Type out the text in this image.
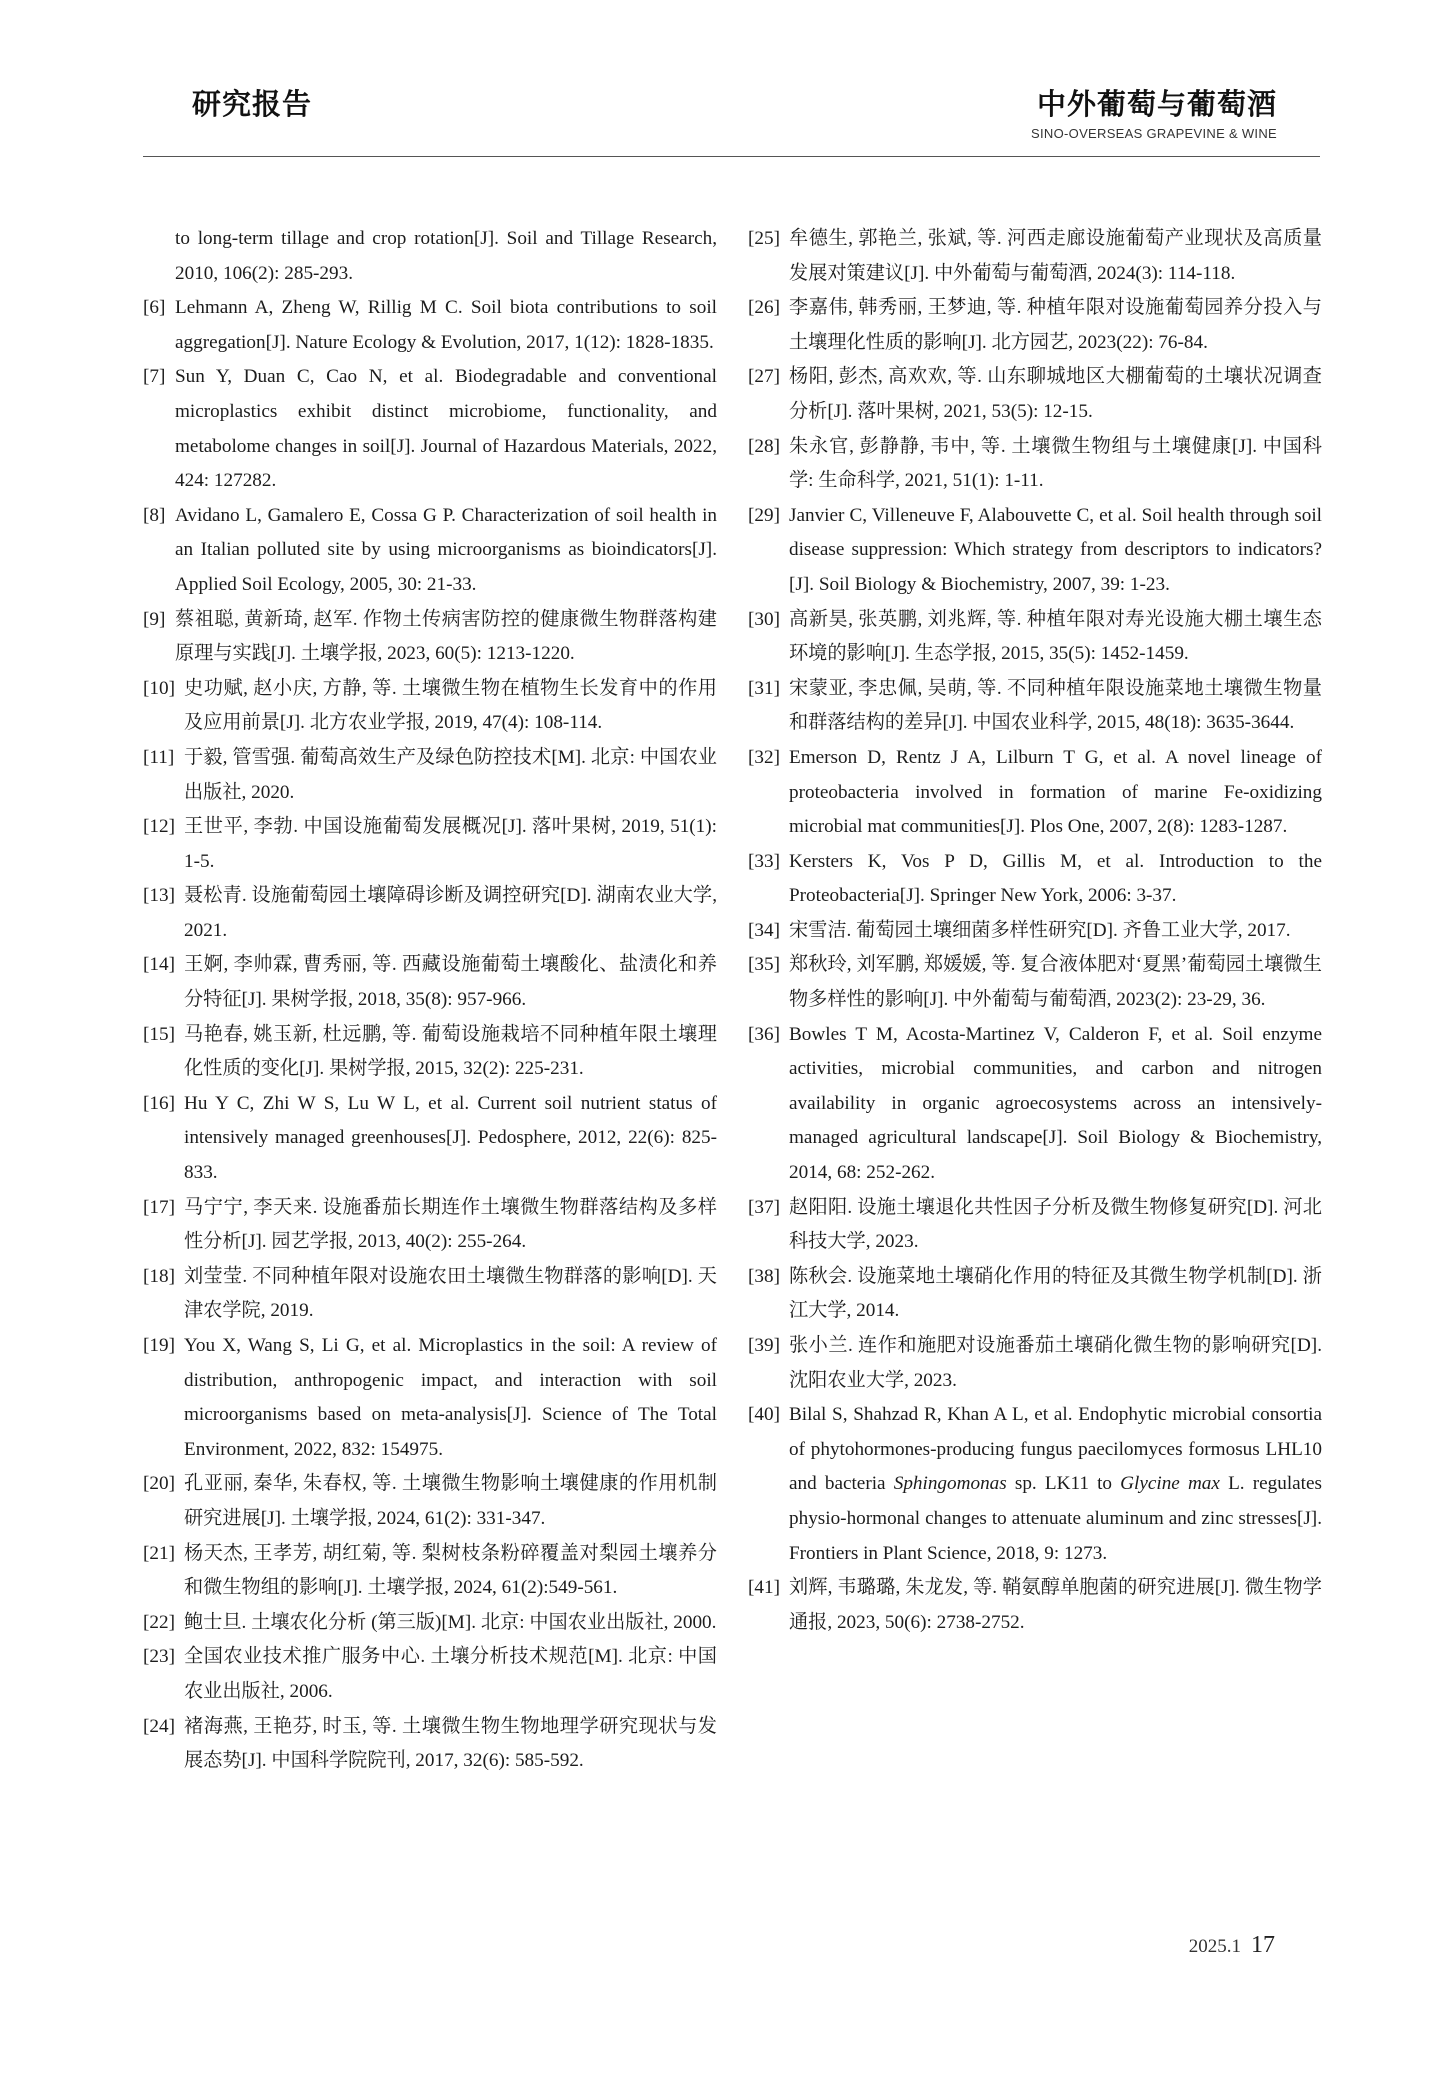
研究报告	中外葡萄与葡萄酒
SINO-OVERSEAS GRAPEVINE & WINE
to long-term tillage and crop rotation[J]. Soil and Tillage Research, 2010, 106(2): 285-293.
[6] Lehmann A, Zheng W, Rillig M C. Soil biota contributions to soil aggregation[J]. Nature Ecology & Evolution, 2017, 1(12): 1828-1835.
[7] Sun Y, Duan C, Cao N, et al. Biodegradable and conventional microplastics exhibit distinct microbiome, functionality, and metabolome changes in soil[J]. Journal of Hazardous Materials, 2022, 424: 127282.
[8] Avidano L, Gamalero E, Cossa G P. Characterization of soil health in an Italian polluted site by using microorganisms as bioindicators[J]. Applied Soil Ecology, 2005, 30: 21-33.
[9] 蔡祖聪, 黄新琦, 赵军. 作物土传病害防控的健康微生物群落构建原理与实践[J]. 土壤学报, 2023, 60(5): 1213-1220.
[10] 史功赋, 赵小庆, 方静, 等. 土壤微生物在植物生长发育中的作用及应用前景[J]. 北方农业学报, 2019, 47(4): 108-114.
[11] 于毅, 管雪强. 葡萄高效生产及绿色防控技术[M]. 北京: 中国农业出版社, 2020.
[12] 王世平, 李勃. 中国设施葡萄发展概况[J]. 落叶果树, 2019, 51(1): 1-5.
[13] 聂松青. 设施葡萄园土壤障碍诊断及调控研究[D]. 湖南农业大学, 2021.
[14] 王婀, 李帅霖, 曹秀丽, 等. 西藏设施葡萄土壤酸化、盐渍化和养分特征[J]. 果树学报, 2018, 35(8): 957-966.
[15] 马艳春, 姚玉新, 杜远鹏, 等. 葡萄设施栽培不同种植年限土壤理化性质的变化[J]. 果树学报, 2015, 32(2): 225-231.
[16] Hu Y C, Zhi W S, Lu W L, et al. Current soil nutrient status of intensively managed greenhouses[J]. Pedosphere, 2012, 22(6): 825-833.
[17] 马宁宁, 李天来. 设施番茄长期连作土壤微生物群落结构及多样性分析[J]. 园艺学报, 2013, 40(2): 255-264.
[18] 刘莹莹. 不同种植年限对设施农田土壤微生物群落的影响[D]. 天津农学院, 2019.
[19] You X, Wang S, Li G, et al. Microplastics in the soil: A review of distribution, anthropogenic impact, and interaction with soil microorganisms based on meta-analysis[J]. Science of The Total Environment, 2022, 832: 154975.
[20] 孔亚丽, 秦华, 朱春权, 等. 土壤微生物影响土壤健康的作用机制研究进展[J]. 土壤学报, 2024, 61(2): 331-347.
[21] 杨天杰, 王孝芳, 胡红菊, 等. 梨树枝条粉碎覆盖对梨园土壤养分和微生物组的影响[J]. 土壤学报, 2024, 61(2):549-561.
[22] 鲍士旦. 土壤农化分析 (第三版)[M]. 北京: 中国农业出版社, 2000.
[23] 全国农业技术推广服务中心. 土壤分析技术规范[M]. 北京: 中国农业出版社, 2006.
[24] 褚海燕, 王艳芬, 时玉, 等. 土壤微生物生物地理学研究现状与发展态势[J]. 中国科学院院刊, 2017, 32(6): 585-592.
[25] 牟德生, 郭艳兰, 张斌, 等. 河西走廊设施葡萄产业现状及高质量发展对策建议[J]. 中外葡萄与葡萄酒, 2024(3): 114-118.
[26] 李嘉伟, 韩秀丽, 王梦迪, 等. 种植年限对设施葡萄园养分投入与土壤理化性质的影响[J]. 北方园艺, 2023(22): 76-84.
[27] 杨阳, 彭杰, 高欢欢, 等. 山东聊城地区大棚葡萄的土壤状况调查分析[J]. 落叶果树, 2021, 53(5): 12-15.
[28] 朱永官, 彭静静, 韦中, 等. 土壤微生物组与土壤健康[J]. 中国科学: 生命科学, 2021, 51(1): 1-11.
[29] Janvier C, Villeneuve F, Alabouvette C, et al. Soil health through soil disease suppression: Which strategy from descriptors to indicators?[J]. Soil Biology & Biochemistry, 2007, 39: 1-23.
[30] 高新昊, 张英鹏, 刘兆辉, 等. 种植年限对寿光设施大棚土壤生态环境的影响[J]. 生态学报, 2015, 35(5): 1452-1459.
[31] 宋蒙亚, 李忠佩, 吴萌, 等. 不同种植年限设施菜地土壤微生物量和群落结构的差异[J]. 中国农业科学, 2015, 48(18): 3635-3644.
[32] Emerson D, Rentz J A, Lilburn T G, et al. A novel lineage of proteobacteria involved in formation of marine Fe-oxidizing microbial mat communities[J]. Plos One, 2007, 2(8): 1283-1287.
[33] Kersters K, Vos P D, Gillis M, et al. Introduction to the Proteobacteria[J]. Springer New York, 2006: 3-37.
[34] 宋雪洁. 葡萄园土壤细菌多样性研究[D]. 齐鲁工业大学, 2017.
[35] 郑秋玲, 刘军鹏, 郑媛媛, 等. 复合液体肥对‘夏黑’葡萄园土壤微生物多样性的影响[J]. 中外葡萄与葡萄酒, 2023(2): 23-29, 36.
[36] Bowles T M, Acosta-Martinez V, Calderon F, et al. Soil enzyme activities, microbial communities, and carbon and nitrogen availability in organic agroecosystems across an intensively-managed agricultural landscape[J]. Soil Biology & Biochemistry, 2014, 68: 252-262.
[37] 赵阳阳. 设施土壤退化共性因子分析及微生物修复研究[D]. 河北科技大学, 2023.
[38] 陈秋会. 设施菜地土壤硝化作用的特征及其微生物学机制[D]. 浙江大学, 2014.
[39] 张小兰. 连作和施肥对设施番茄土壤硝化微生物的影响研究[D]. 沈阳农业大学, 2023.
[40] Bilal S, Shahzad R, Khan A L, et al. Endophytic microbial consortia of phytohormones-producing fungus paecilomyces formosus LHL10 and bacteria Sphingomonas sp. LK11 to Glycine max L. regulates physio-hormonal changes to attenuate aluminum and zinc stresses[J]. Frontiers in Plant Science, 2018, 9: 1273.
[41] 刘辉, 韦璐璐, 朱龙发, 等. 鞘氨醇单胞菌的研究进展[J]. 微生物学通报, 2023, 50(6): 2738-2752.
2025.1 17
